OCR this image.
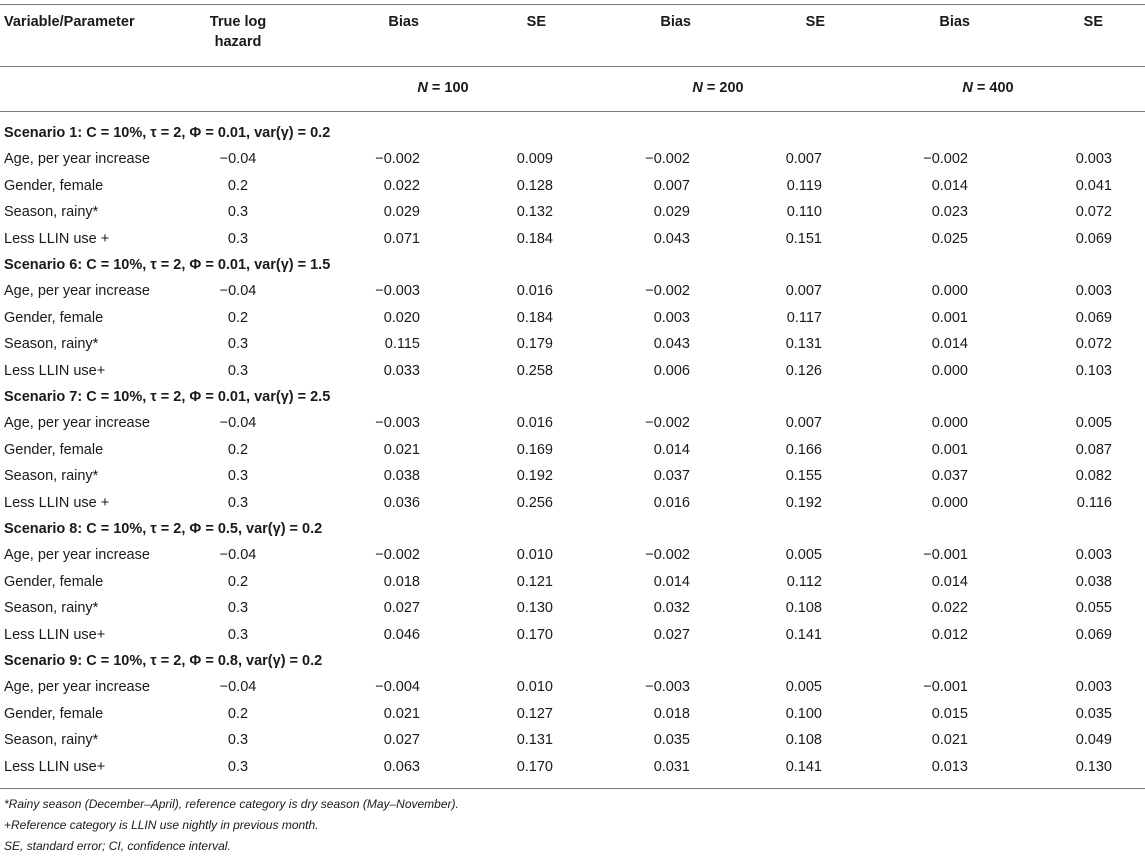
Variable/Parameter	True log
hazard
Bias	SE	Bias	SE	Bias	SE
N = 100	N = 200	N = 400
Scenario 1: C = 10%, τ = 2, Φ = 0.01, var(γ) = 0.2
Age, per year increase	−0.04	−0.002	0.009	−0.002	0.007	−0.002	0.003
Gender, female	0.2	0.022	0.128	0.007	0.119	0.014	0.041
Season, rainy*	0.3	0.029	0.132	0.029	0.110	0.023	0.072
Less LLIN use +	0.3	0.071	0.184	0.043	0.151	0.025	0.069
Scenario 6: C = 10%, τ = 2, Φ = 0.01, var(γ) = 1.5
Age, per year increase	−0.04	−0.003	0.016	−0.002	0.007	0.000	0.003
Gender, female	0.2	0.020	0.184	0.003	0.117	0.001	0.069
Season, rainy*	0.3	0.115	0.179	0.043	0.131	0.014	0.072
Less LLIN use+	0.3	0.033	0.258	0.006	0.126	0.000	0.103
Scenario 7: C = 10%, τ = 2, Φ = 0.01, var(γ) = 2.5
Age, per year increase	−0.04	−0.003	0.016	−0.002	0.007	0.000	0.005
Gender, female	0.2	0.021	0.169	0.014	0.166	0.001	0.087
Season, rainy*	0.3	0.038	0.192	0.037	0.155	0.037	0.082
Less LLIN use +	0.3	0.036	0.256	0.016	0.192	0.000	0.116
Scenario 8: C = 10%, τ = 2, Φ = 0.5, var(γ) = 0.2
Age, per year increase	−0.04	−0.002	0.010	−0.002	0.005	−0.001	0.003
Gender, female	0.2	0.018	0.121	0.014	0.112	0.014	0.038
Season, rainy*	0.3	0.027	0.130	0.032	0.108	0.022	0.055
Less LLIN use+	0.3	0.046	0.170	0.027	0.141	0.012	0.069
Scenario 9: C = 10%, τ = 2, Φ = 0.8, var(γ) = 0.2
Age, per year increase	−0.04	−0.004	0.010	−0.003	0.005	−0.001	0.003
Gender, female	0.2	0.021	0.127	0.018	0.100	0.015	0.035
Season, rainy*	0.3	0.027	0.131	0.035	0.108	0.021	0.049
Less LLIN use+	0.3	0.063	0.170	0.031	0.141	0.013	0.130
*Rainy season (December–April), reference category is dry season (May–November).
+Reference category is LLIN use nightly in previous month.
SE, standard error; CI, confidence interval.
